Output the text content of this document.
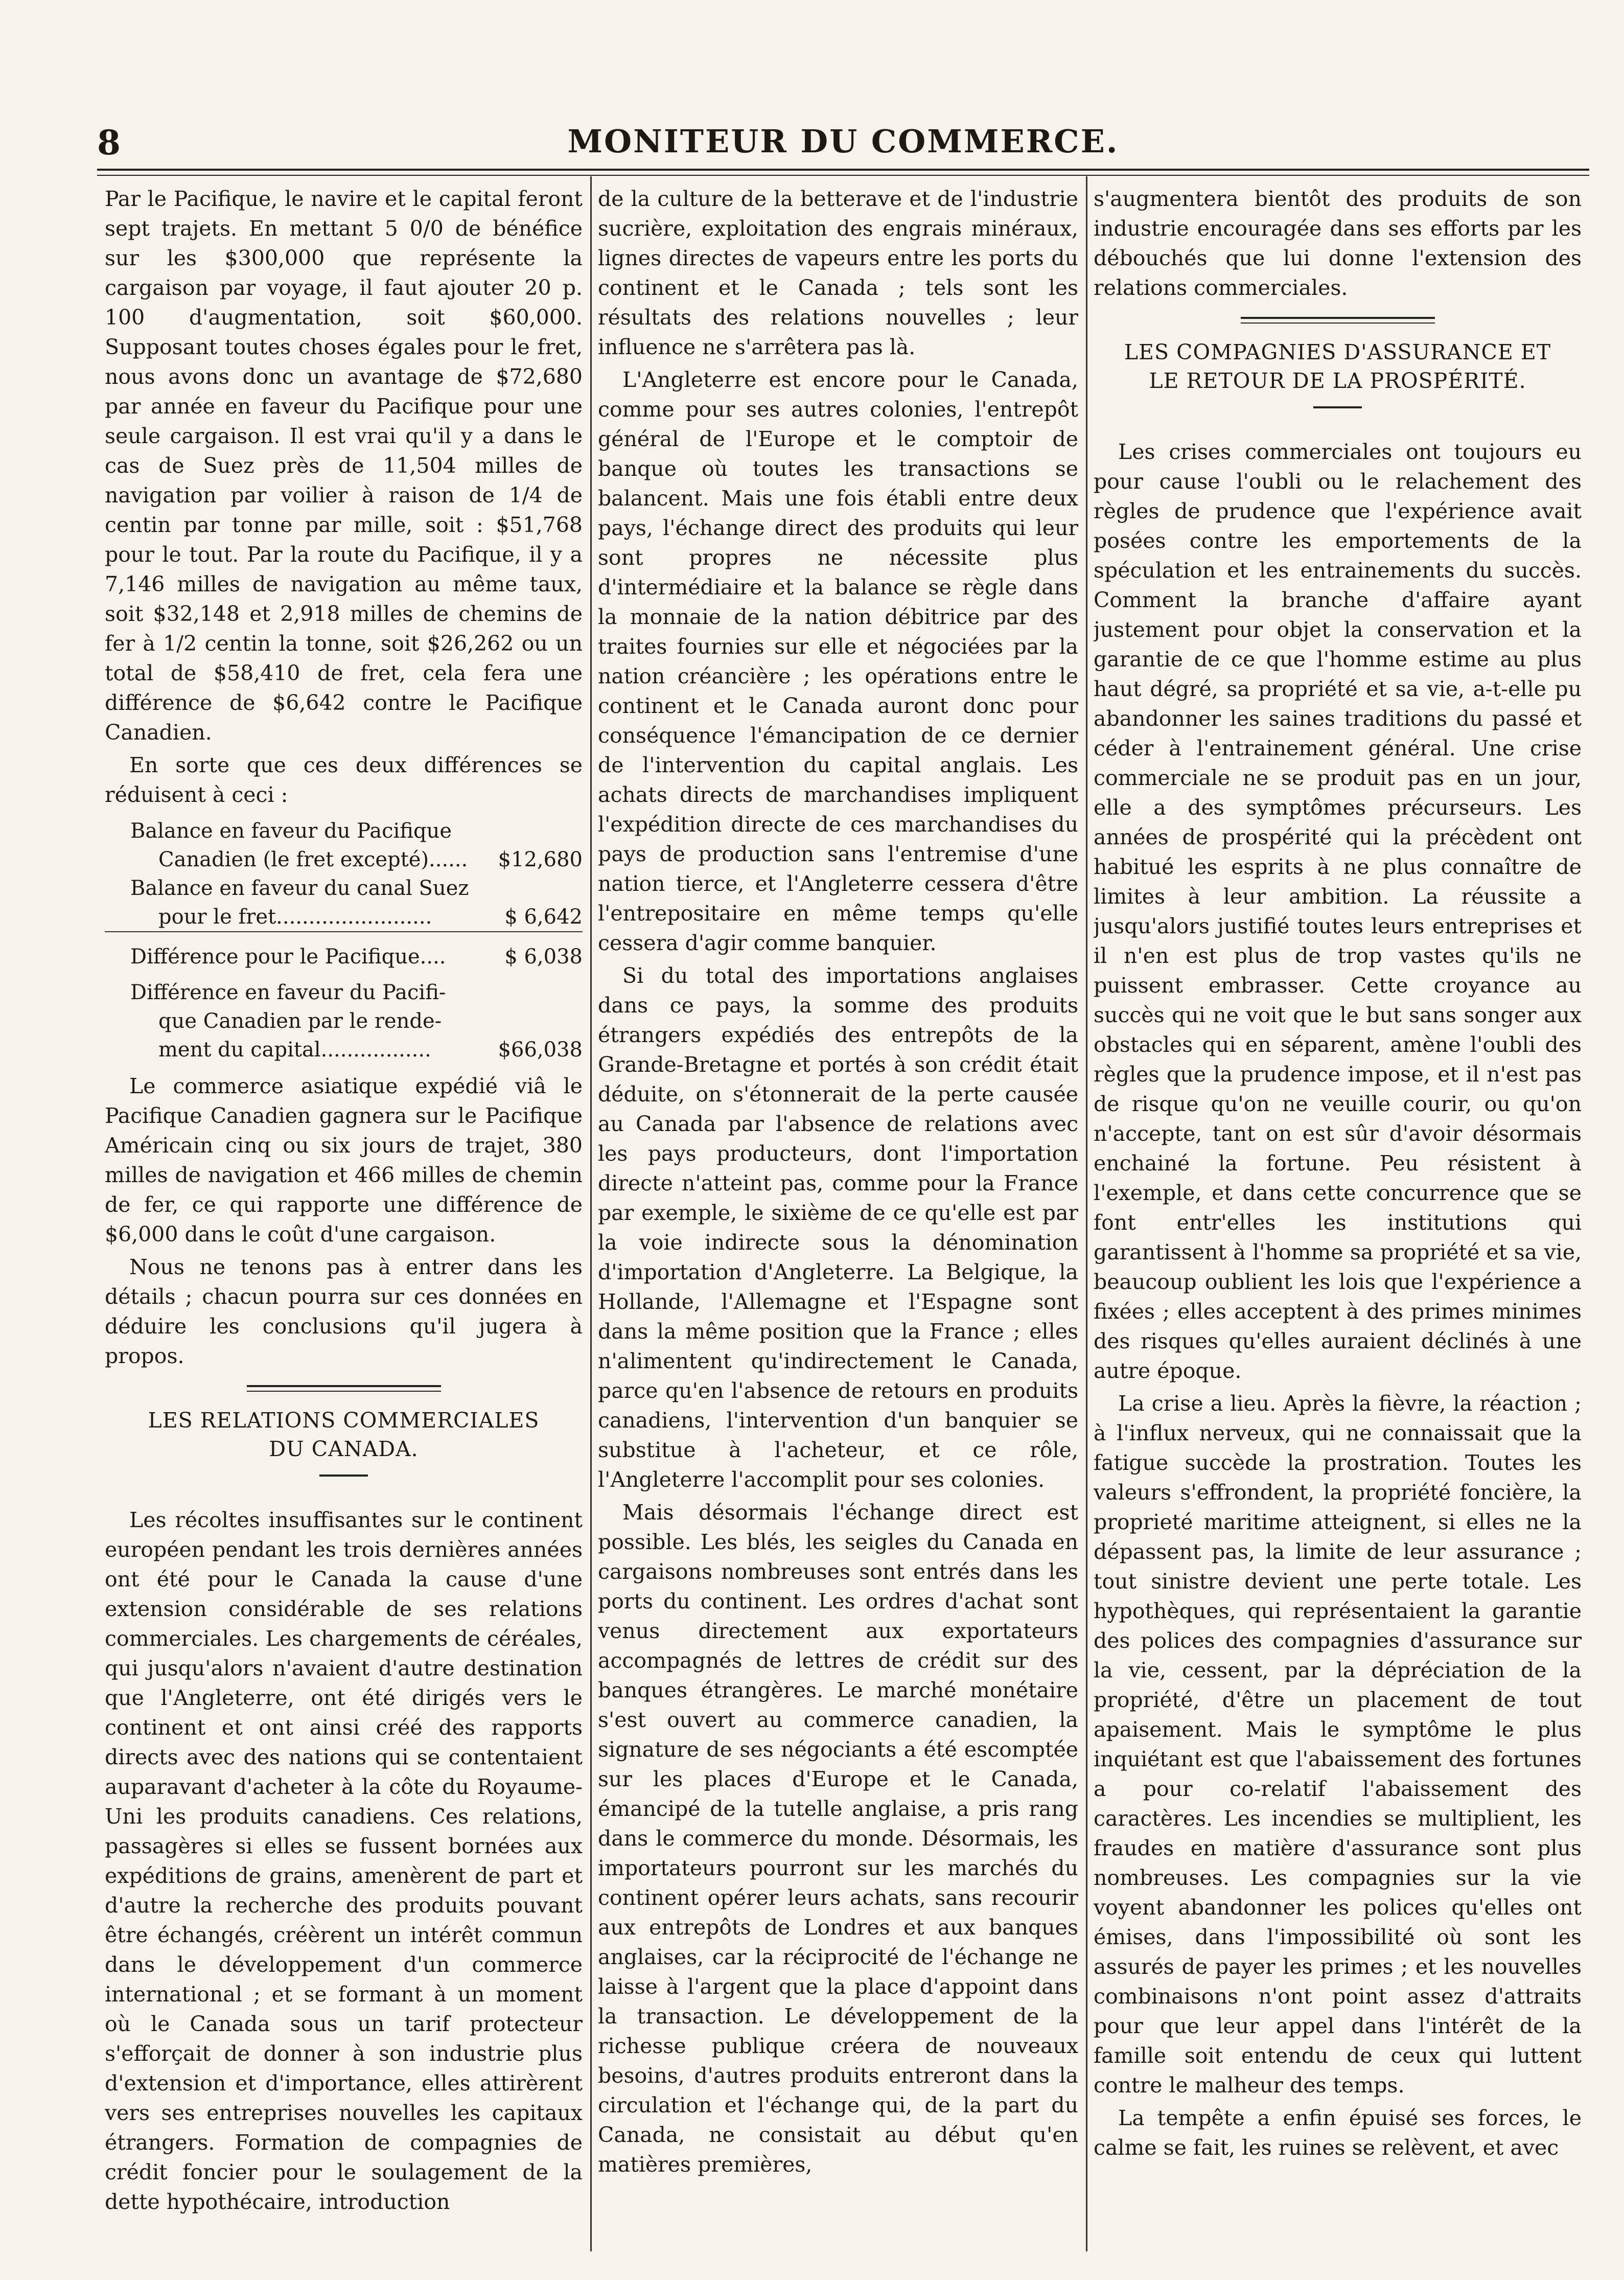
8	MONITEUR DU COMMERCE.

Par le Pacifique, le navire et le capital feront sept trajets. En mettant 5 0/0 de bénéfice sur les $300,000 que représente la cargaison par voyage, il faut ajouter 20 p. 100 d'augmentation, soit $60,000. Supposant toutes choses égales pour le fret, nous avons donc un avantage de $72,680 par année en faveur du Pacifique pour une seule cargaison. Il est vrai qu'il y a dans le cas de Suez près de 11,504 milles de navigation par voilier à raison de 1/4 de centin par tonne par mille, soit : $51,768 pour le tout. Par la route du Pacifique, il y a 7,146 milles de navigation au même taux, soit $32,148 et 2,918 milles de chemins de fer à 1/2 centin la tonne, soit $26,262 ou un total de $58,410 de fret, cela fera une différence de $6,642 contre le Pacifique Canadien.

En sorte que ces deux différences se réduisent à ceci :

Balance en faveur du Pacifique
Canadien (le fret excepté)......	$12,680
Balance en faveur du canal Suez
pour le fret........................	$ 6,642

Différence pour le Pacifique....	$ 6,038

Différence en faveur du Pacifi-
que Canadien par le rende-
ment du capital.................	$66,038

Le commerce asiatique expédié viâ le Pacifique Canadien gagnera sur le Pacifique Américain cinq ou six jours de trajet, 380 milles de navigation et 466 milles de chemin de fer, ce qui rapporte une différence de $6,000 dans le coût d'une cargaison.

Nous ne tenons pas à entrer dans les détails ; chacun pourra sur ces données en déduire les conclusions qu'il jugera à propos.

LES RELATIONS COMMERCIALES
DU CANADA.

Les récoltes insuffisantes sur le continent européen pendant les trois dernières années ont été pour le Canada la cause d'une extension considérable de ses relations commerciales. Les chargements de céréales, qui jusqu'alors n'avaient d'autre destination que l'Angleterre, ont été dirigés vers le continent et ont ainsi créé des rapports directs avec des nations qui se contentaient auparavant d'acheter à la côte du Royaume-Uni les produits canadiens. Ces relations, passagères si elles se fussent bornées aux expéditions de grains, amenèrent de part et d'autre la recherche des produits pouvant être échangés, créèrent un intérêt commun dans le développement d'un commerce international ; et se formant à un moment où le Canada sous un tarif protecteur s'efforçait de donner à son industrie plus d'extension et d'importance, elles attirèrent vers ses entreprises nouvelles les capitaux étrangers. Formation de compagnies de crédit foncier pour le soulagement de la dette hypothécaire, introduction

de la culture de la betterave et de l'industrie sucrière, exploitation des engrais minéraux, lignes directes de vapeurs entre les ports du continent et le Canada ; tels sont les résultats des relations nouvelles ; leur influence ne s'arrêtera pas là.

L'Angleterre est encore pour le Canada, comme pour ses autres colonies, l'entrepôt général de l'Europe et le comptoir de banque où toutes les transactions se balancent. Mais une fois établi entre deux pays, l'échange direct des produits qui leur sont propres ne nécessite plus d'intermédiaire et la balance se règle dans la monnaie de la nation débitrice par des traites fournies sur elle et négociées par la nation créancière ; les opérations entre le continent et le Canada auront donc pour conséquence l'émancipation de ce dernier de l'intervention du capital anglais. Les achats directs de marchandises impliquent l'expédition directe de ces marchandises du pays de production sans l'entremise d'une nation tierce, et l'Angleterre cessera d'être l'entrepositaire en même temps qu'elle cessera d'agir comme banquier.

Si du total des importations anglaises dans ce pays, la somme des produits étrangers expédiés des entrepôts de la Grande-Bretagne et portés à son crédit était déduite, on s'étonnerait de la perte causée au Canada par l'absence de relations avec les pays producteurs, dont l'importation directe n'atteint pas, comme pour la France par exemple, le sixième de ce qu'elle est par la voie indirecte sous la dénomination d'importation d'Angleterre. La Belgique, la Hollande, l'Allemagne et l'Espagne sont dans la même position que la France ; elles n'alimentent qu'indirectement le Canada, parce qu'en l'absence de retours en produits canadiens, l'intervention d'un banquier se substitue à l'acheteur, et ce rôle, l'Angleterre l'accomplit pour ses colonies.

Mais désormais l'échange direct est possible. Les blés, les seigles du Canada en cargaisons nombreuses sont entrés dans les ports du continent. Les ordres d'achat sont venus directement aux exportateurs accompagnés de lettres de crédit sur des banques étrangères. Le marché monétaire s'est ouvert au commerce canadien, la signature de ses négociants a été escomptée sur les places d'Europe et le Canada, émancipé de la tutelle anglaise, a pris rang dans le commerce du monde. Désormais, les importateurs pourront sur les marchés du continent opérer leurs achats, sans recourir aux entrepôts de Londres et aux banques anglaises, car la réciprocité de l'échange ne laisse à l'argent que la place d'appoint dans la transaction. Le développement de la richesse publique créera de nouveaux besoins, d'autres produits entreront dans la circulation et l'échange qui, de la part du Canada, ne consistait au début qu'en matières premières,

s'augmentera bientôt des produits de son industrie encouragée dans ses efforts par les débouchés que lui donne l'extension des relations commerciales.

LES COMPAGNIES D'ASSURANCE ET
LE RETOUR DE LA PROSPÉRITÉ.

Les crises commerciales ont toujours eu pour cause l'oubli ou le relachement des règles de prudence que l'expérience avait posées contre les emportements de la spéculation et les entrainements du succès. Comment la branche d'affaire ayant justement pour objet la conservation et la garantie de ce que l'homme estime au plus haut dégré, sa propriété et sa vie, a-t-elle pu abandonner les saines traditions du passé et céder à l'entrainement général. Une crise commerciale ne se produit pas en un jour, elle a des symptômes précurseurs. Les années de prospérité qui la précèdent ont habitué les esprits à ne plus connaître de limites à leur ambition. La réussite a jusqu'alors justifié toutes leurs entreprises et il n'en est plus de trop vastes qu'ils ne puissent embrasser. Cette croyance au succès qui ne voit que le but sans songer aux obstacles qui en séparent, amène l'oubli des règles que la prudence impose, et il n'est pas de risque qu'on ne veuille courir, ou qu'on n'accepte, tant on est sûr d'avoir désormais enchainé la fortune. Peu résistent à l'exemple, et dans cette concurrence que se font entr'elles les institutions qui garantissent à l'homme sa propriété et sa vie, beaucoup oublient les lois que l'expérience a fixées ; elles acceptent à des primes minimes des risques qu'elles auraient déclinés à une autre époque.

La crise a lieu. Après la fièvre, la réaction ; à l'influx nerveux, qui ne connaissait que la fatigue succède la prostration. Toutes les valeurs s'effrondent, la propriété foncière, la proprieté maritime atteignent, si elles ne la dépassent pas, la limite de leur assurance ; tout sinistre devient une perte totale. Les hypothèques, qui représentaient la garantie des polices des compagnies d'assurance sur la vie, cessent, par la dépréciation de la propriété, d'être un placement de tout apaisement. Mais le symptôme le plus inquiétant est que l'abaissement des fortunes a pour co-relatif l'abaissement des caractères. Les incendies se multiplient, les fraudes en matière d'assurance sont plus nombreuses. Les compagnies sur la vie voyent abandonner les polices qu'elles ont émises, dans l'impossibilité où sont les assurés de payer les primes ; et les nouvelles combinaisons n'ont point assez d'attraits pour que leur appel dans l'intérêt de la famille soit entendu de ceux qui luttent contre le malheur des temps.

La tempête a enfin épuisé ses forces, le calme se fait, les ruines se relèvent, et avec
